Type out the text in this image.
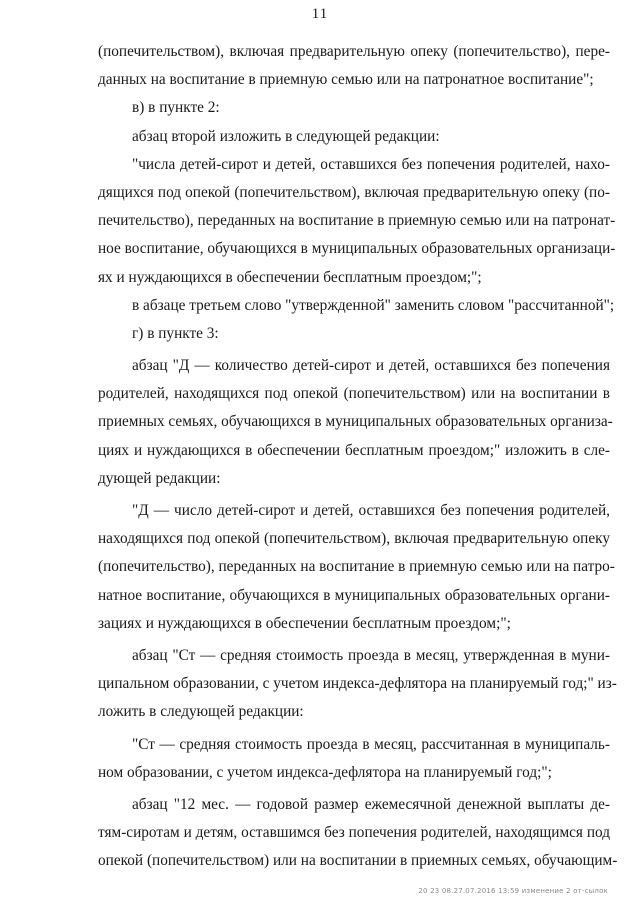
11
(попечительством), включая предварительную опеку (попечительство), пере-
данных на воспитание в приемную семью или на патронатное воспитание";
в) в пункте 2:
абзац второй изложить в следующей редакции:
"числа детей-сирот и детей, оставшихся без попечения родителей, нахо-
дящихся под опекой (попечительством), включая предварительную опеку (по-
печительство), переданных на воспитание в приемную семью или на патронат-
ное воспитание, обучающихся в муниципальных образовательных организаци-
ях и нуждающихся в обеспечении бесплатным проездом;";
в абзаце третьем слово "утвержденной" заменить словом "рассчитанной";
г) в пункте 3:
абзац "Д — количество детей-сирот и детей, оставшихся без попечения
родителей, находящихся под опекой (попечительством) или на воспитании в
приемных семьях, обучающихся в муниципальных образовательных организа-
циях и нуждающихся в обеспечении бесплатным проездом;" изложить в сле-
дующей редакции:
"Д — число детей-сирот и детей, оставшихся без попечения родителей,
находящихся под опекой (попечительством), включая предварительную опеку
(попечительство), переданных на воспитание в приемную семью или на патро-
натное воспитание, обучающихся в муниципальных образовательных органи-
зациях и нуждающихся в обеспечении бесплатным проездом;";
абзац "Ст — средняя стоимость проезда в месяц, утвержденная в муни-
ципальном образовании, с учетом индекса-дефлятора на планируемый год;" из-
ложить в следующей редакции:
"Ст — средняя стоимость проезда в месяц, рассчитанная в муниципаль-
ном образовании, с учетом индекса-дефлятора на планируемый год;";
абзац "12 мес. — годовой размер ежемесячной денежной выплаты де-
тям-сиротам и детям, оставшимся без попечения родителей, находящимся под
опекой (попечительством) или на воспитании в приемных семьях, обучающим-
20 23 08.27.07.2016 13:59 изменение 2 от-сылок
